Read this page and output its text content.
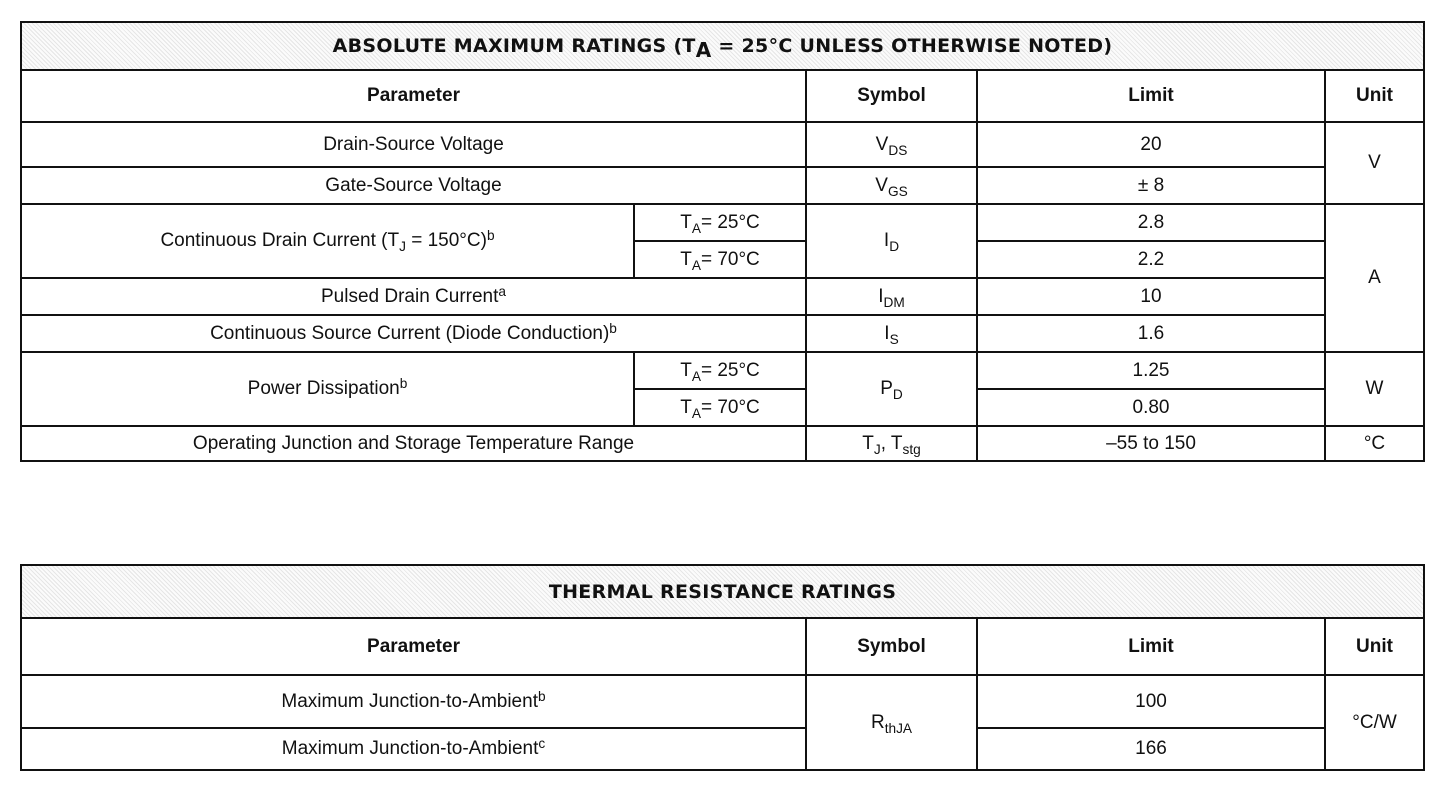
ABSOLUTE MAXIMUM RATINGS ($T_A = 25^\circ C$ UNLESS OTHERWISE NOTED)				
Parameter		Symbol	Limit	Unit
Drain-Source Voltage		$V_{DS}$	20	V
Gate-Source Voltage		$V_{GS}$	± 8	
Continuous Drain Current $(T_J = 150^\circ C)^b$	$T_A= 25^\circ C$	$I_D$	2.8	A
	$T_A= 70^\circ C$		2.2	
Pulsed Drain Current$^a$		$I_{DM}$	10	
Continuous Source Current (Diode Conduction)$^b$		$I_S$	1.6	
Power Dissipation$^b$	$T_A= 25^\circ C$	$P_D$	1.25	W
	$T_A= 70^\circ C$		0.80	
Operating Junction and Storage Temperature Range		$T_J$, $T_{stg}$	–55 to 150	°C
THERMAL RESISTANCE RATINGS			
Parameter	Symbol	Limit	Unit
Maximum Junction-to-Ambient$^b$	$R_{thJA}$	100	°C/W
Maximum Junction-to-Ambient$^c$		166	
